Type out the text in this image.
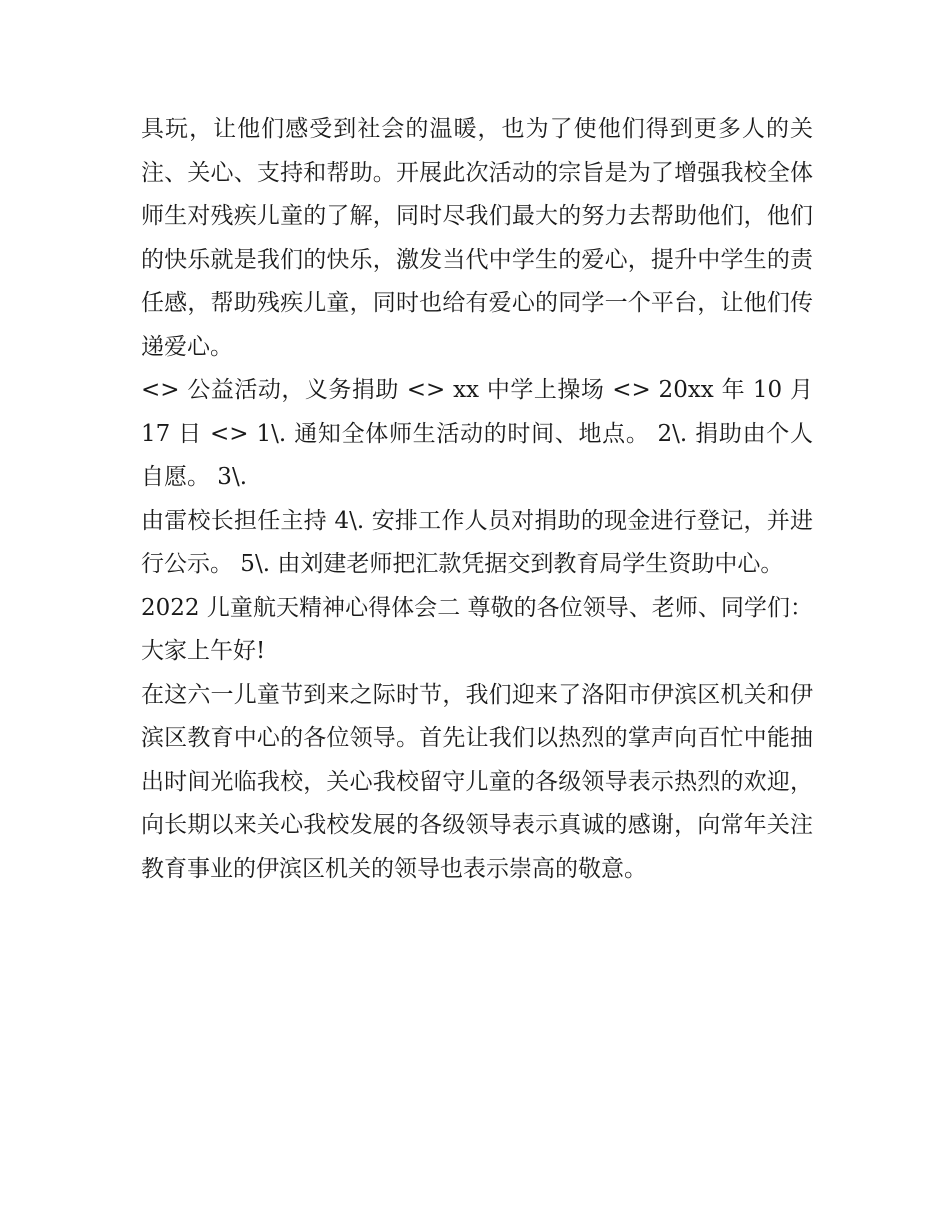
具玩，让他们感受到社会的温暖，也为了使他们得到更多人的关注、关心、支持和帮助。开展此次活动的宗旨是为了增强我校全体师生对残疾儿童的了解，同时尽我们最大的努力去帮助他们，他们的快乐就是我们的快乐，激发当代中学生的爱心，提升中学生的责任感，帮助残疾儿童，同时也给有爱心的同学一个平台，让他们传递爱心。

<> 公益活动，义务捐助 <> xx 中学上操场 <> 20xx 年 10 月 17 日 <> 1\. 通知全体师生活动的时间、地点。 2\. 捐助由个人自愿。 3\.

由雷校长担任主持 4\. 安排工作人员对捐助的现金进行登记，并进行公示。 5\. 由刘建老师把汇款凭据交到教育局学生资助中心。

2022 儿童航天精神心得体会二 尊敬的各位领导、老师、同学们： 大家上午好!

在这六一儿童节到来之际时节，我们迎来了洛阳市伊滨区机关和伊滨区教育中心的各位领导。首先让我们以热烈的掌声向百忙中能抽出时间光临我校，关心我校留守儿童的各级领导表示热烈的欢迎，向长期以来关心我校发展的各级领导表示真诚的感谢，向常年关注教育事业的伊滨区机关的领导也表示崇高的敬意。
